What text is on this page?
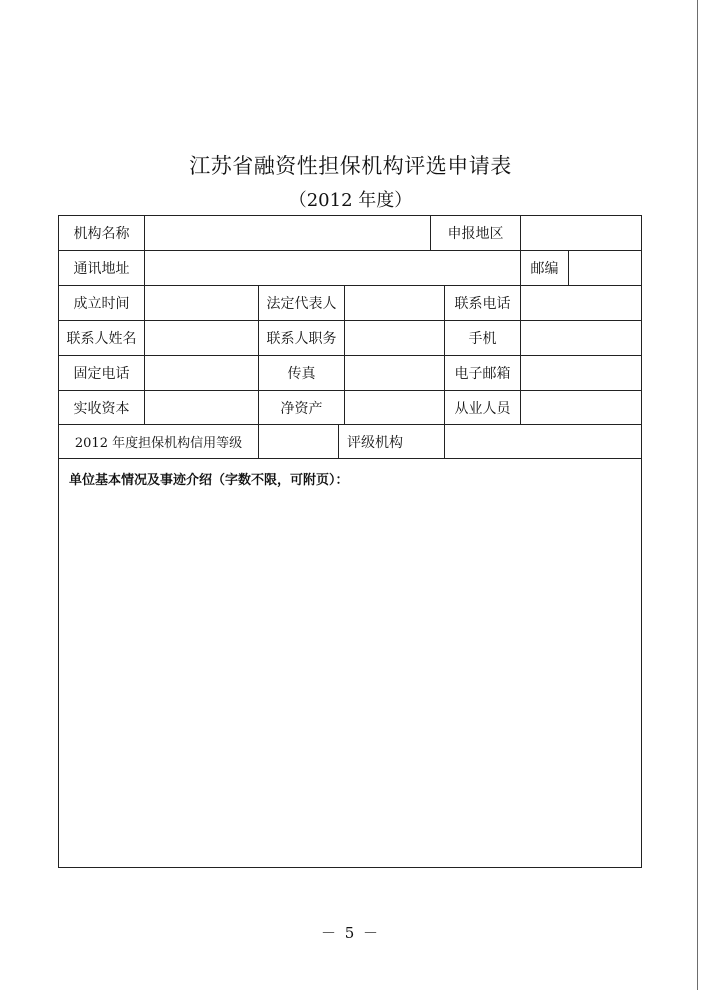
江苏省融资性担保机构评选申请表
（2012 年度）
机构名称	申报地区
通讯地址	邮编
成立时间	法定代表人	联系电话
联系人姓名	联系人职务	手机
固定电话	传真	电子邮箱
实收资本	净资产	从业人员
2012 年度担保机构信用等级	评级机构
单位基本情况及事迹介绍（字数不限，可附页）：
－ 5 －
